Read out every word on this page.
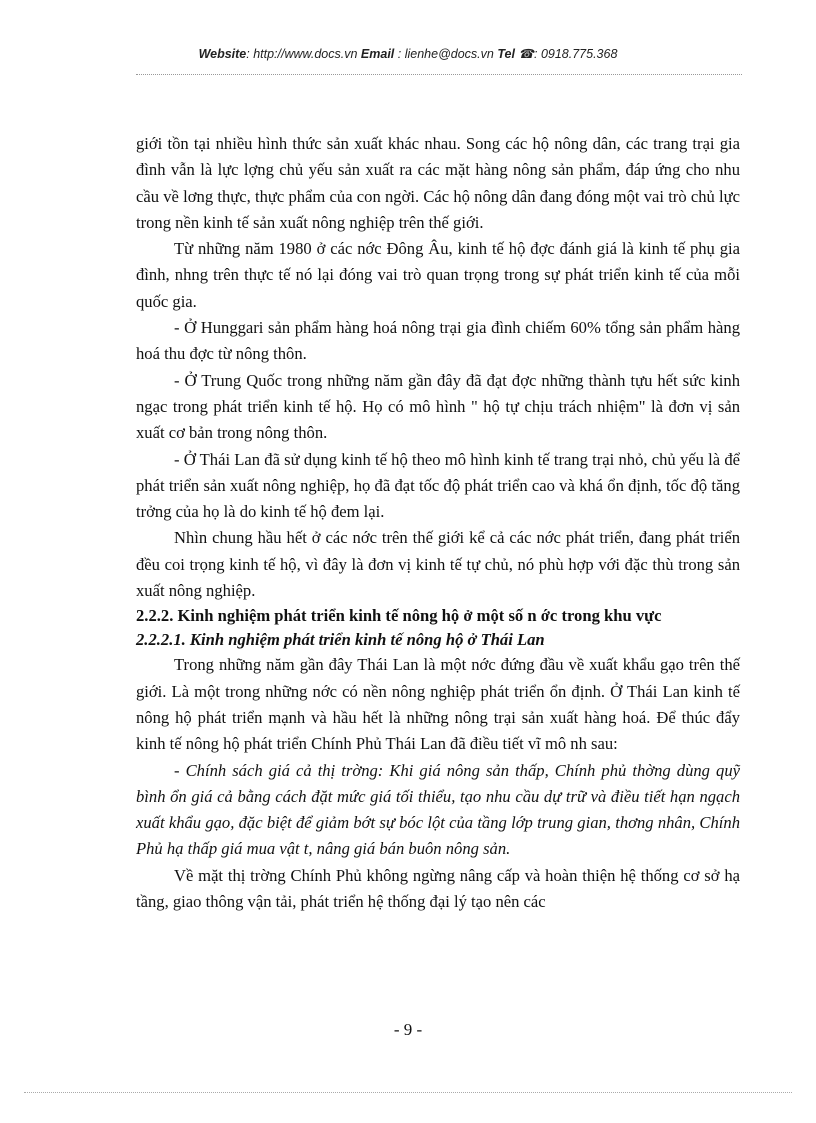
Website: http://www.docs.vn Email : lienhe@docs.vn Tel ☎: 0918.775.368

giới tồn tại nhiều hình thức sản xuất khác nhau. Song các hộ nông dân, các trang trại gia đình vẫn là lực lợng chủ yếu sản xuất ra các mặt hàng nông sản phẩm, đáp ứng cho nhu cầu về lơng thực, thực phẩm của con ngời. Các hộ nông dân đang đóng một vai trò chủ lực trong nền kinh tế sản xuất nông nghiệp trên thế giới.

Từ những năm 1980 ở các nớc Đông Âu, kinh tế hộ đợc đánh giá là kinh tế phụ gia đình, nhng trên thực tế nó lại đóng vai trò quan trọng trong sự phát triển kinh tế của mỗi quốc gia.

- Ở Hunggari sản phẩm hàng hoá nông trại gia đình chiếm 60% tổng sản phẩm hàng hoá thu đợc từ nông thôn.

- Ở Trung Quốc trong những năm gần đây đã đạt đợc những thành tựu hết sức kinh ngạc trong phát triển kinh tế hộ. Họ có mô hình " hộ tự chịu trách nhiệm" là đơn vị sản xuất cơ bản trong nông thôn.

- Ở Thái Lan đã sử dụng kinh tế hộ theo mô hình kinh tế trang trại nhỏ, chủ yếu là để phát triển sản xuất nông nghiệp, họ đã đạt tốc độ phát triển cao và khá ổn định, tốc độ tăng trởng của họ là do kinh tế hộ đem lại.

Nhìn chung hầu hết ở các nớc trên thế giới kể cả các nớc phát triển, đang phát triển đều coi trọng kinh tế hộ, vì đây là đơn vị kinh tế tự chủ, nó phù hợp với đặc thù trong sản xuất nông nghiệp.

2.2.2. Kinh nghiệm phát triển kinh tế nông hộ ở một số n ớc trong khu vực
2.2.2.1. Kinh nghiệm phát triển kinh tế nông hộ ở Thái Lan

Trong những năm gần đây Thái Lan là một nớc đứng đầu về xuất khẩu gạo trên thế giới. Là một trong những nớc có nền nông nghiệp phát triển ổn định. Ở Thái Lan kinh tế nông hộ phát triển mạnh và hầu hết là những nông trại sản xuất hàng hoá. Để thúc đẩy kinh tế nông hộ phát triển Chính Phủ Thái Lan đã điều tiết vĩ mô nh sau:

- Chính sách giá cả thị trờng: Khi giá nông sản thấp, Chính phủ thờng dùng quỹ bình ổn giá cả bằng cách đặt mức giá tối thiểu, tạo nhu cầu dự trữ và điều tiết hạn ngạch xuất khẩu gạo, đặc biệt để giảm bớt sự bóc lột của tầng lớp trung gian, thơng nhân, Chính Phủ hạ thấp giá mua vật t, nâng giá bán buôn nông sản.

Về mặt thị trờng Chính Phủ không ngừng nâng cấp và hoàn thiện hệ thống cơ sở hạ tầng, giao thông vận tải, phát triển hệ thống đại lý tạo nên các

- 9 -
